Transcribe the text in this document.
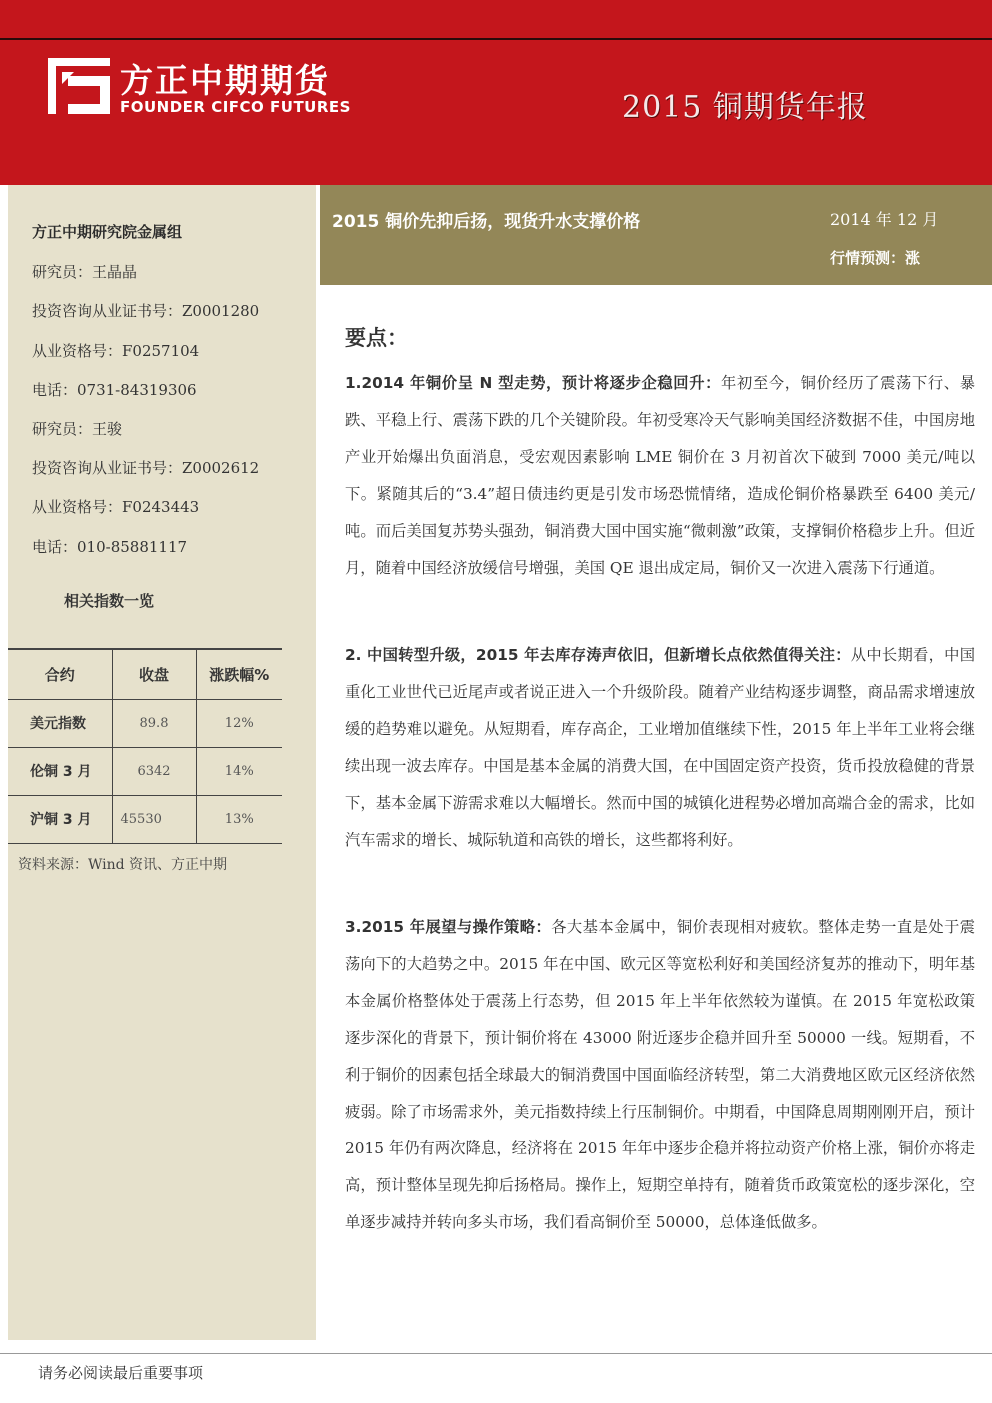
方正中期期货
FOUNDER CIFCO FUTURES	2015 铜期货年报
方正中期研究院金属组
研究员：王晶晶
投资咨询从业证书号：Z0001280
从业资格号：F0257104
电话：0731-84319306
研究员：王骏
投资咨询从业证书号：Z0002612
从业资格号：F0243443
电话：010-85881117
相关指数一览
合约	收盘	涨跌幅%
美元指数	89.8	12%
伦铜 3 月	6342	14%
沪铜 3 月	45530	13%
资料来源：Wind 资讯、方正中期
2015 铜价先抑后扬，现货升水支撑价格	2014 年 12 月
行情预测：涨
要点：
1.2014 年铜价呈 N 型走势，预计将逐步企稳回升：年初至今，铜价经历了震荡下行、暴跌、平稳上行、震荡下跌的几个关键阶段。年初受寒冷天气影响美国经济数据不佳，中国房地产业开始爆出负面消息，受宏观因素影响 LME 铜价在 3 月初首次下破到 7000 美元/吨以下。紧随其后的“3.4”超日债违约更是引发市场恐慌情绪，造成伦铜价格暴跌至 6400 美元/吨。而后美国复苏势头强劲，铜消费大国中国实施“微刺激”政策，支撑铜价格稳步上升。但近月，随着中国经济放缓信号增强，美国 QE 退出成定局，铜价又一次进入震荡下行通道。
2. 中国转型升级，2015 年去库存涛声依旧，但新增长点依然值得关注：从中长期看，中国重化工业世代已近尾声或者说正进入一个升级阶段。随着产业结构逐步调整，商品需求增速放缓的趋势难以避免。从短期看，库存高企，工业增加值继续下性，2015 年上半年工业将会继续出现一波去库存。中国是基本金属的消费大国，在中国固定资产投资，货币投放稳健的背景下，基本金属下游需求难以大幅增长。然而中国的城镇化进程势必增加高端合金的需求，比如汽车需求的增长、城际轨道和高铁的增长，这些都将利好。
3.2015 年展望与操作策略：各大基本金属中，铜价表现相对疲软。整体走势一直是处于震荡向下的大趋势之中。2015 年在中国、欧元区等宽松利好和美国经济复苏的推动下，明年基本金属价格整体处于震荡上行态势，但 2015 年上半年依然较为谨慎。在 2015 年宽松政策逐步深化的背景下，预计铜价将在 43000 附近逐步企稳并回升至 50000 一线。短期看，不利于铜价的因素包括全球最大的铜消费国中国面临经济转型，第二大消费地区欧元区经济依然疲弱。除了市场需求外，美元指数持续上行压制铜价。中期看，中国降息周期刚刚开启，预计 2015 年仍有两次降息，经济将在 2015 年年中逐步企稳并将拉动资产价格上涨，铜价亦将走高，预计整体呈现先抑后扬格局。操作上，短期空单持有，随着货币政策宽松的逐步深化，空单逐步减持并转向多头市场，我们看高铜价至 50000，总体逢低做多。
请务必阅读最后重要事项
